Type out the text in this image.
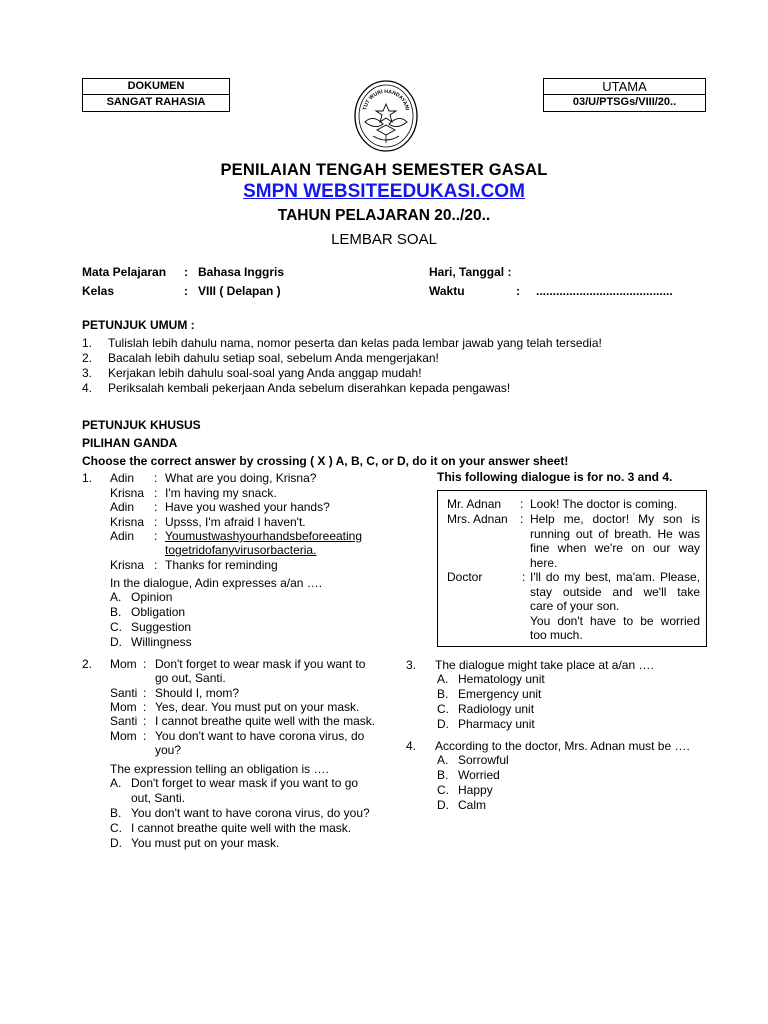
DOKUMEN
SANGAT RAHASIA
UTAMA
03/U/PTSGs/VIII/20..
TUT WURI HANDAYANI
PENILAIAN TENGAH SEMESTER GASAL
SMPN WEBSITEEDUKASI.COM
TAHUN PELAJARAN 20../20..
LEMBAR SOAL
Mata Pelajaran : Bahasa Inggris
Kelas	: VIII ( Delapan )
Hari, Tanggal :
Waktu	: .........................................
PETUNJUK UMUM :
1. Tulislah lebih dahulu nama, nomor peserta dan kelas pada lembar jawab yang telah tersedia!
2. Bacalah lebih dahulu setiap soal, sebelum Anda mengerjakan!
3. Kerjakan lebih dahulu soal-soal yang Anda anggap mudah!
4. Periksalah kembali pekerjaan Anda sebelum diserahkan kepada pengawas!
PETUNJUK KHUSUS
PILIHAN GANDA
Choose the correct answer by crossing ( X ) A, B, C, or D, do it on your answer sheet!
This following dialogue is for no. 3 and 4.
1. Adin	: What are you doing, Krisna?
Krisna : I'm having my snack.
Adin	: Have you washed your hands?
Krisna : Upsss, I'm afraid I haven't.
Adin	: Youmustwashyourhandsbeforeeating
togetridofanyvirusorbacteria.
Krisna : Thanks for reminding
In the dialogue, Adin expresses a/an ….
A. Opinion
B. Obligation
C. Suggestion
D. Willingness
Mr. Adnan : Look! The doctor is coming.
Mrs. Adnan : Help me, doctor! My son is
running out of breath. He was
fine when we're on our way
here.
Doctor	: I'll do my best, ma'am. Please,
stay outside and we'll take
care of your son.
You don't have to be worried
too much.
2. Mom : Don't forget to wear mask if you want to
go out, Santi.
Santi : Should I, mom?
Mom : Yes, dear. You must put on your mask.
Santi : I cannot breathe quite well with the mask.
Mom : You don't want to have corona virus, do
you?
The expression telling an obligation is ….
A. Don't forget to wear mask if you want to go
out, Santi.
B. You don't want to have corona virus, do you?
C. I cannot breathe quite well with the mask.
D. You must put on your mask.
3. The dialogue might take place at a/an ….
A. Hematology unit
B. Emergency unit
C. Radiology unit
D. Pharmacy unit
4. According to the doctor, Mrs. Adnan must be ….
A. Sorrowful
B. Worried
C. Happy
D. Calm
